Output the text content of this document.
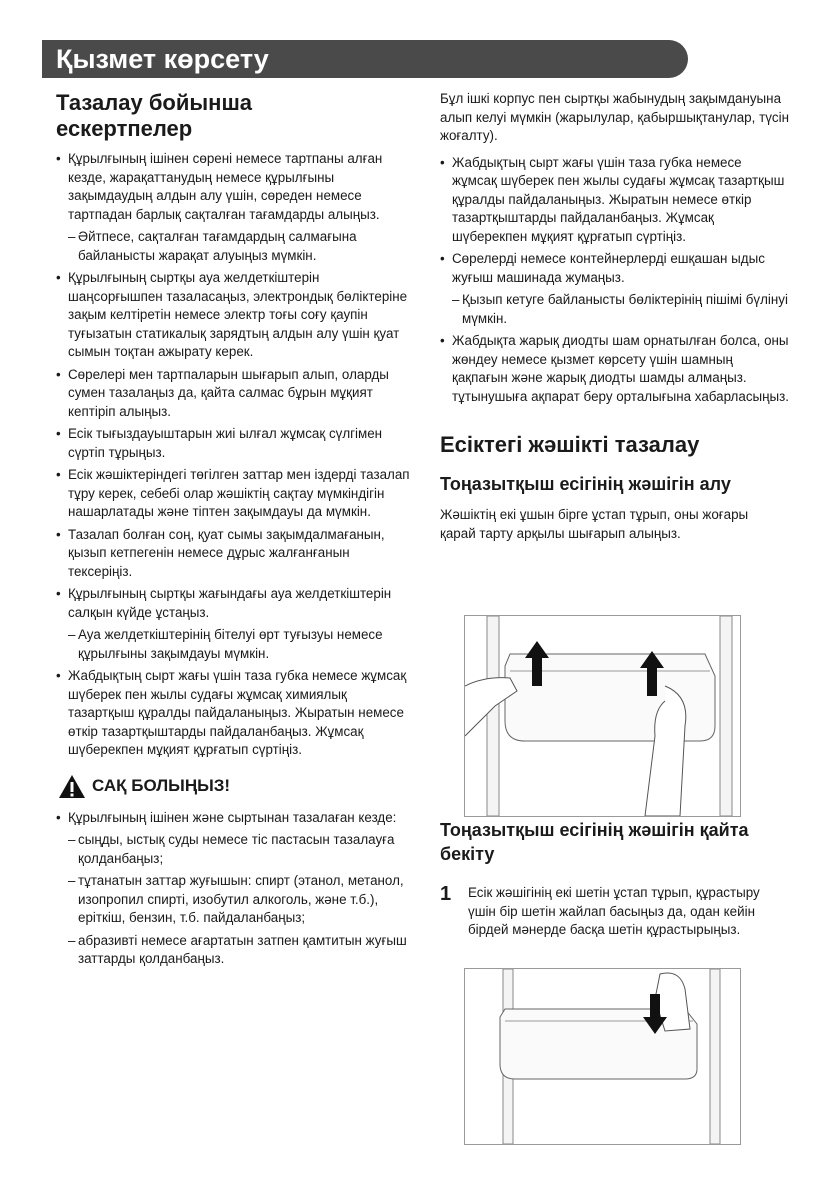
Қызмет көрсету
Тазалау бойынша ескертпелер

• Құрылғының ішінен сөрені немесе тартпаны алған кезде, жарақаттанудың немесе құрылғыны зақымдаудың алдын алу үшін, сөреден немесе тартпадан барлық сақталған тағамдарды алыңыз.

– Әйтпесе, сақталған тағамдардың салмағына байланысты жарақат алуыңыз мүмкін.

• Құрылғының сыртқы ауа желдеткіштерін шаңсорғышпен тазаласаңыз, электрондық бөліктеріне зақым келтіретін немесе электр тоғы соғу қаупін туғызатын статикалық зарядтың алдын алу үшін қуат сымын тоқтан ажырату керек.

• Сөрелері мен тартпаларын шығарып алып, оларды сумен тазалаңыз да, қайта салмас бұрын мұқият кептіріп алыңыз.

• Есік тығыздауыштарын жиі ылғал жұмсақ сүлгімен сүртіп тұрыңыз.

• Есік жәшіктеріндегі төгілген заттар мен іздерді тазалап тұру керек, себебі олар жәшіктің сақтау мүмкіндігін нашарлатады және тіптен зақымдауы да мүмкін.

• Тазалап болған соң, қуат сымы зақымдалмағанын, қызып кетпегенін немесе дұрыс жалғанғанын тексеріңіз.

• Құрылғының сыртқы жағындағы ауа желдеткіштерін салқын күйде ұстаңыз.

– Ауа желдеткіштерінің бітелуі өрт туғызуы немесе құрылғыны зақымдауы мүмкін.

• Жабдықтың сырт жағы үшін таза губка немесе жұмсақ шүберек пен жылы судағы жұмсақ химиялық тазартқыш құралды пайдаланыңыз. Жыратын немесе өткір тазартқыштарды пайдаланбаңыз. Жұмсақ шүберекпен мұқият құрғатып сүртіңіз.

САҚ БОЛЫҢЫЗ!

• Құрылғының ішінен және сыртынан тазалаған кезде:

– сыңды, ыстық суды немесе тіс пастасын тазалауға қолданбаңыз;

– тұтанатын заттар жуғышын: спирт (этанол, метанол, изопропил спирті, изобутил алкоголь, және т.б.), еріткіш, бензин, т.б. пайдаланбаңыз;

– абразивті немесе ағартатын затпен қамтитын жуғыш заттарды қолданбаңыз.

Бұл ішкі корпус пен сыртқы жабынудың зақымдануына алып келуі мүмкін (жарылулар, қабыршықтанулар, түсін жоғалту).

• Жабдықтың сырт жағы үшін таза губка немесе жұмсақ шүберек пен жылы судағы жұмсақ тазартқыш құралды пайдаланыңыз. Жыратын немесе өткір тазартқыштарды пайдаланбаңыз. Жұмсақ шүберекпен мұқият құрғатып сүртіңіз.

• Сөрелерді немесе контейнерлерді ешқашан ыдыс жуғыш машинада жумаңыз.

– Қызып кетуге байланысты бөліктерінің пішімі бүлінуі мүмкін.

• Жабдықта жарық диодты шам орнатылған болса, оны жөндеу немесе қызмет көрсету үшін шамның қақпағын және жарық диодты шамды алмаңыз.

тұтынушыға ақпарат беру орталығына хабарласыңыз.

Есіктегі жәшікті тазалау
Тоңазытқыш есігінің жәшігін алу

Жәшіктің екі ұшын бірге ұстап тұрып, оны жоғары қарай тарту арқылы шығарып алыңыз.

Тоңазытқыш есігінің жәшігін қайта бекіту
1	Есік жәшігінің екі шетін ұстап тұрып, құрастыру үшін бір шетін жайлап басыңыз да, одан кейін бірдей мәнерде басқа шетін құрастырыңыз.
